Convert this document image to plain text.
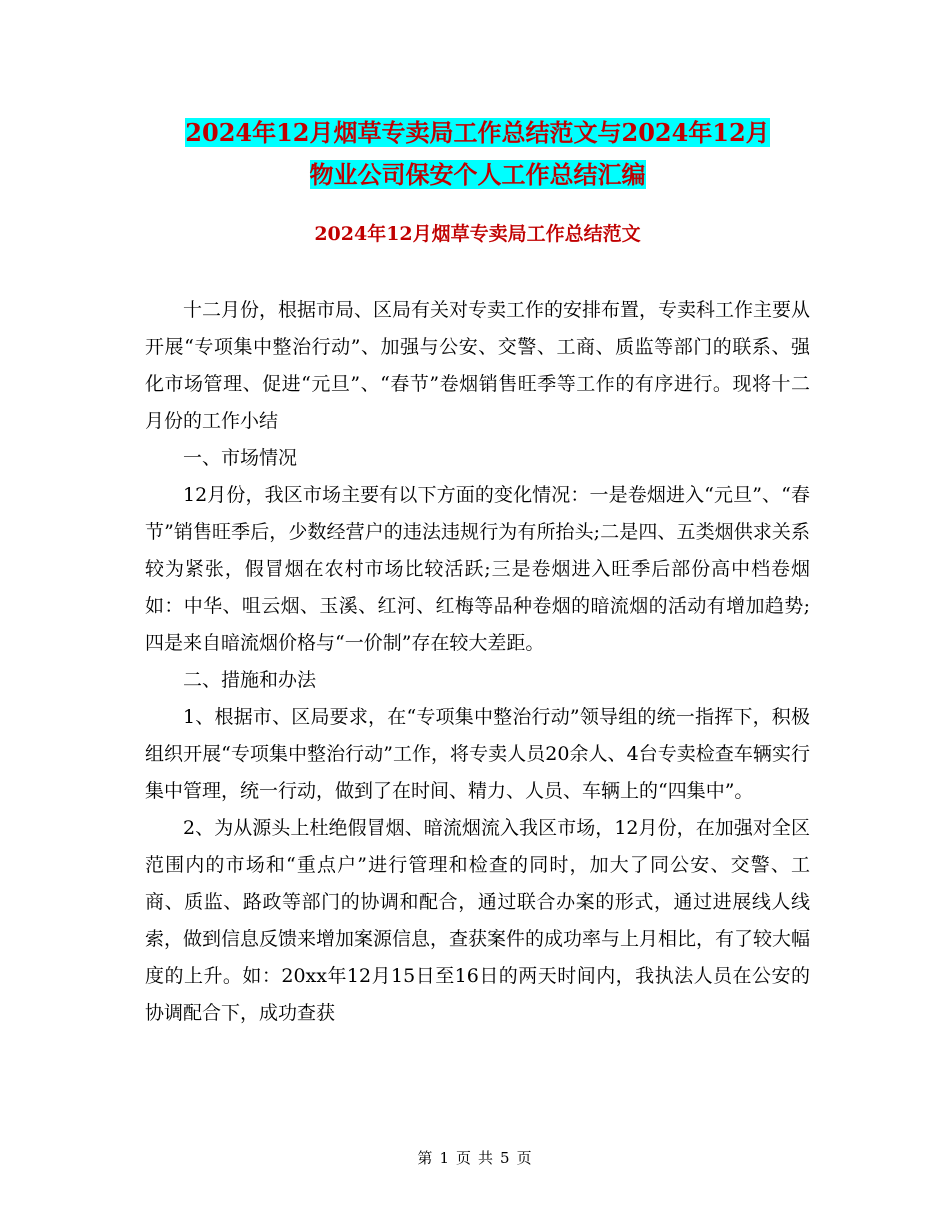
2024年12月烟草专卖局工作总结范文与2024年12月
物业公司保安个人工作总结汇编
2024年12月烟草专卖局工作总结范文

十二月份，根据市局、区局有关对专卖工作的安排布置，专卖科工作主要从开展“专项集中整治行动”、加强与公安、交警、工商、质监等部门的联系、强化市场管理、促进“元旦”、“春节”卷烟销售旺季等工作的有序进行。现将十二月份的工作小结

一、市场情况

12月份，我区市场主要有以下方面的变化情况：一是卷烟进入“元旦”、“春节”销售旺季后，少数经营户的违法违规行为有所抬头;二是四、五类烟供求关系较为紧张，假冒烟在农村市场比较活跃;三是卷烟进入旺季后部份高中档卷烟如：中华、咀云烟、玉溪、红河、红梅等品种卷烟的暗流烟的活动有增加趋势;四是来自暗流烟价格与“一价制”存在较大差距。

二、措施和办法

1、根据市、区局要求，在“专项集中整治行动”领导组的统一指挥下，积极组织开展“专项集中整治行动”工作，将专卖人员20余人、4台专卖检查车辆实行集中管理，统一行动，做到了在时间、精力、人员、车辆上的“四集中”。

2、为从源头上杜绝假冒烟、暗流烟流入我区市场，12月份，在加强对全区范围内的市场和“重点户”进行管理和检查的同时，加大了同公安、交警、工商、质监、路政等部门的协调和配合，通过联合办案的形式，通过进展线人线索，做到信息反馈来增加案源信息，查获案件的成功率与上月相比，有了较大幅度的上升。如：20xx年12月15日至16日的两天时间内，我执法人员在公安的协调配合下，成功查获

第 1 页 共 5 页
